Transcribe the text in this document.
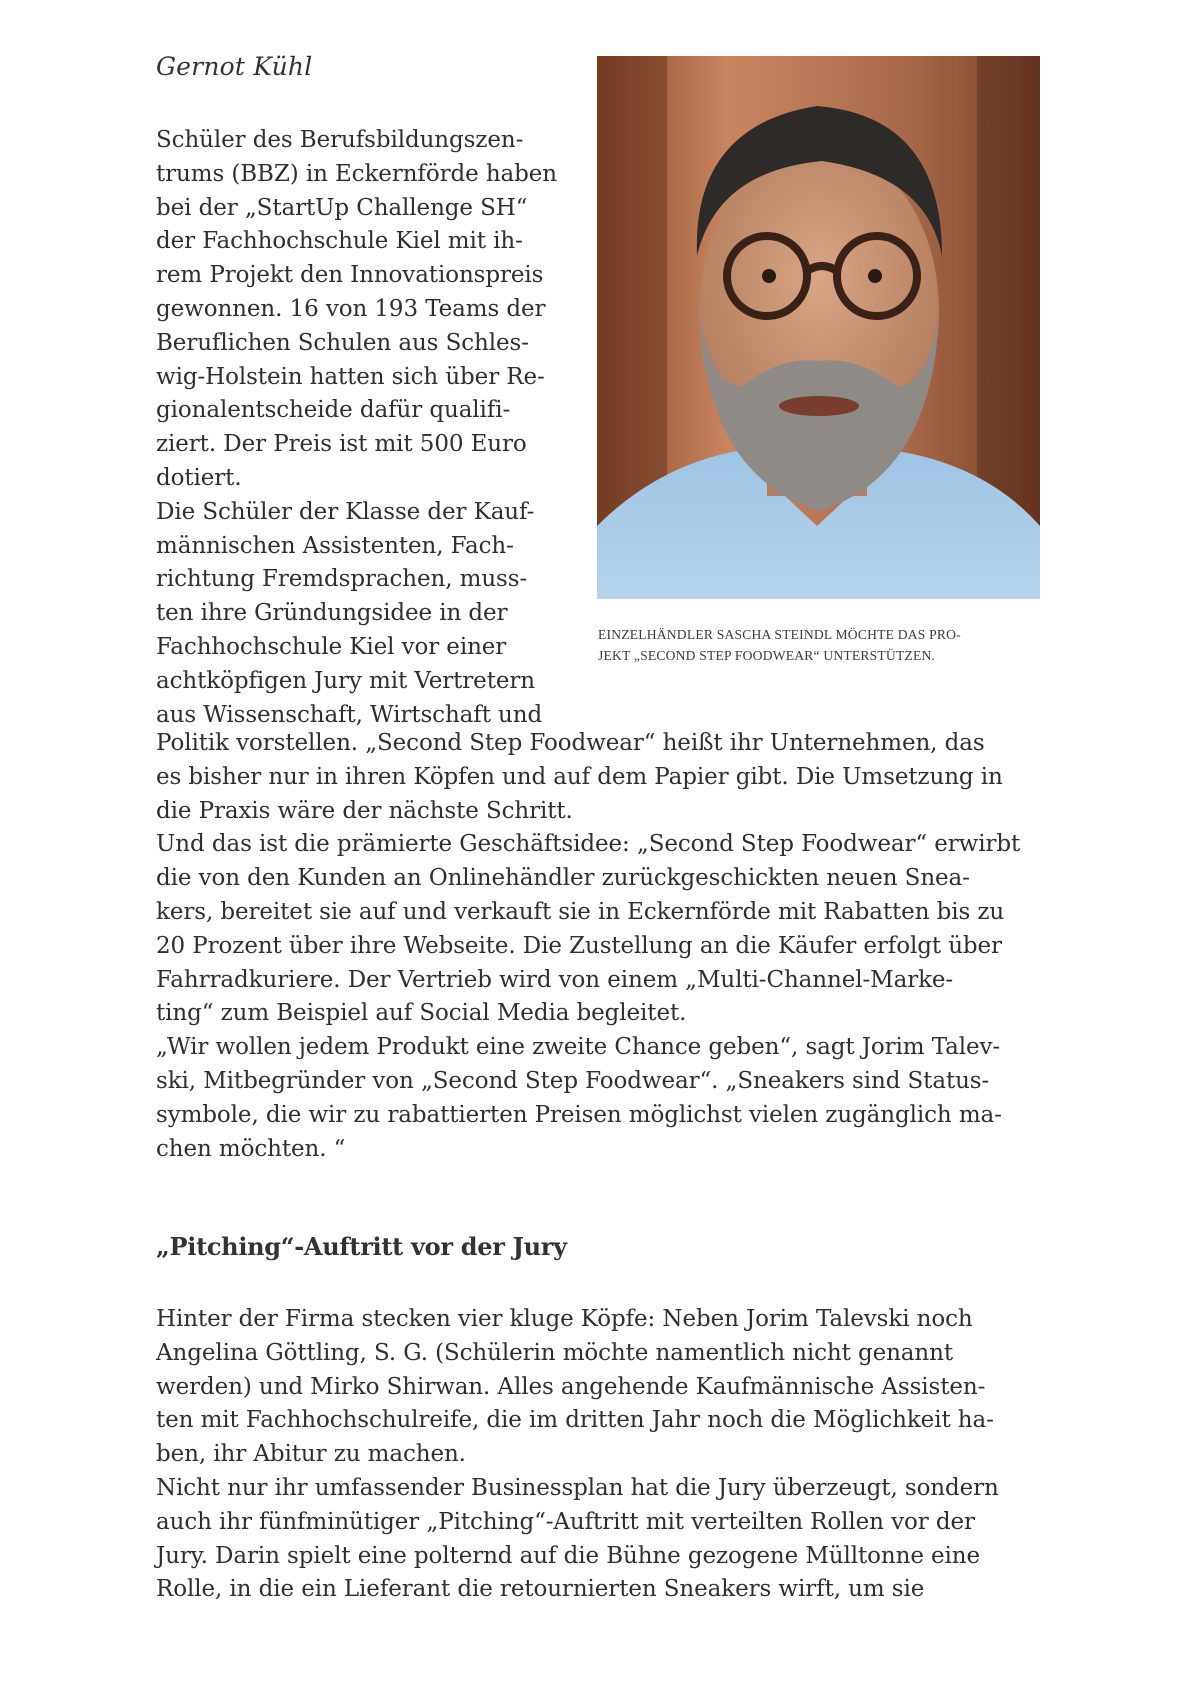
Gernot Kühl
Schüler des Berufsbildungszen-
trums (BBZ) in Eckernförde haben
bei der „StartUp Challenge SH“
der Fachhochschule Kiel mit ih-
rem Projekt den Innovationspreis
gewonnen. 16 von 193 Teams der
Beruflichen Schulen aus Schles-
wig-Holstein hatten sich über Re-
gionalentscheide dafür qualifi-
ziert. Der Preis ist mit 500 Euro
dotiert.
Die Schüler der Klasse der Kauf-
männischen Assistenten, Fach-
richtung Fremdsprachen, muss-
ten ihre Gründungsidee in der
Fachhochschule Kiel vor einer
achtköpfigen Jury mit Vertretern
aus Wissenschaft, Wirtschaft und
Politik vorstellen. „Second Step Foodwear“ heißt ihr Unternehmen, das
es bisher nur in ihren Köpfen und auf dem Papier gibt. Die Umsetzung in
die Praxis wäre der nächste Schritt.
Und das ist die prämierte Geschäftsidee: „Second Step Foodwear“ erwirbt
die von den Kunden an Onlinehändler zurückgeschickten neuen Snea-
kers, bereitet sie auf und verkauft sie in Eckernförde mit Rabatten bis zu
20 Prozent über ihre Webseite. Die Zustellung an die Käufer erfolgt über
Fahrradkuriere. Der Vertrieb wird von einem „Multi-Channel-Marke-
ting“ zum Beispiel auf Social Media begleitet.
„Wir wollen jedem Produkt eine zweite Chance geben“, sagt Jorim Talev-
ski, Mitbegründer von „Second Step Foodwear“. „Sneakers sind Status-
symbole, die wir zu rabattierten Preisen möglichst vielen zugänglich ma-
chen möchten. “
„Pitching“-Auftritt vor der Jury
Hinter der Firma stecken vier kluge Köpfe: Neben Jorim Talevski noch
Angelina Göttling, S. G. (Schülerin möchte namentlich nicht genannt
werden) und Mirko Shirwan. Alles angehende Kaufmännische Assisten-
ten mit Fachhochschulreife, die im dritten Jahr noch die Möglichkeit ha-
ben, ihr Abitur zu machen.
Nicht nur ihr umfassender Businessplan hat die Jury überzeugt, sondern
auch ihr fünfminütiger „Pitching“-Auftritt mit verteilten Rollen vor der
Jury. Darin spielt eine polternd auf die Bühne gezogene Mülltonne eine
Rolle, in die ein Lieferant die retournierten Sneakers wirft, um sie
EINZELHÄNDLER SASCHA STEINDL MÖCHTE DAS PRO-
JEKT „SECOND STEP FOODWEAR“ UNTERSTÜTZEN.
